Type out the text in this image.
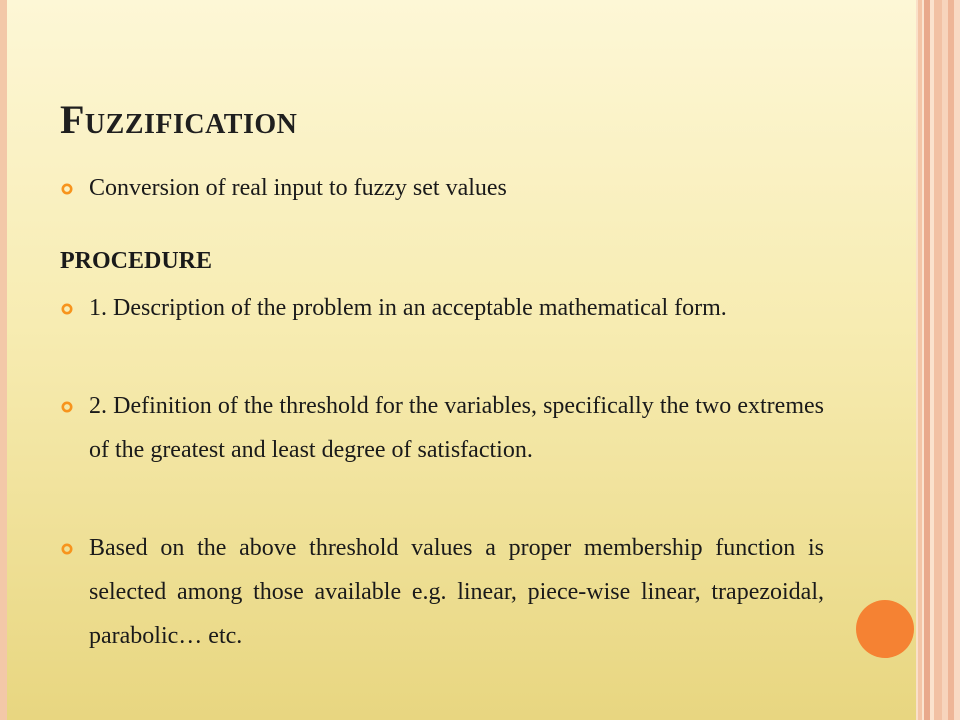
Fuzzification

Conversion of real input to fuzzy set values

PROCEDURE

1. Description of the problem in an acceptable mathematical form.

2. Definition of the threshold for the variables, specifically the two extremes of the greatest and least degree of satisfaction.

Based on the above threshold values a proper membership function is selected among those available e.g. linear, piece-wise linear, trapezoidal, parabolic… etc.
